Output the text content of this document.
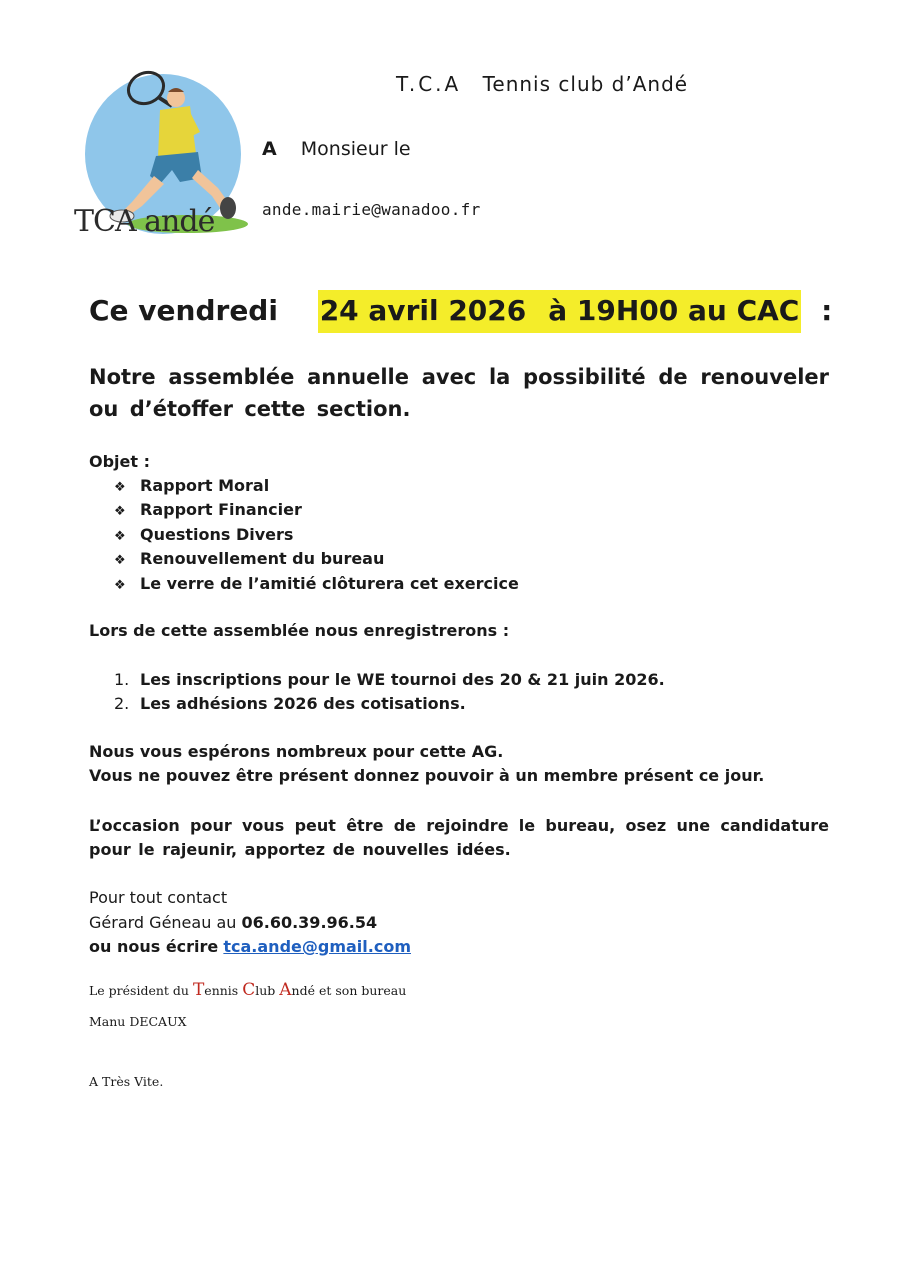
TCA andé
T.C.A Tennis club d’Andé
A Monsieur le
ande.mairie@wanadoo.fr
Ce vendredi 24 avril 2026 à 19H00 au CAC :
Notre assemblée annuelle avec la possibilité de renouveler ou d’étoffer cette section.
Objet :
❖ Rapport Moral
❖ Rapport Financier
❖ Questions Divers
❖ Renouvellement du bureau
❖ Le verre de l’amitié clôturera cet exercice
Lors de cette assemblée nous enregistrerons :
1. Les inscriptions pour le WE tournoi des 20 & 21 juin 2026.
2. Les adhésions 2026 des cotisations.
Nous vous espérons nombreux pour cette AG.
Vous ne pouvez être présent donnez pouvoir à un membre présent ce jour.
L’occasion pour vous peut être de rejoindre le bureau, osez une candidature pour le rajeunir, apportez de nouvelles idées.
Pour tout contact
Gérard Géneau au 06.60.39.96.54
ou nous écrire tca.ande@gmail.com
Le président du Tennis Club Andé et son bureau
Manu DECAUX
A Très Vite.
